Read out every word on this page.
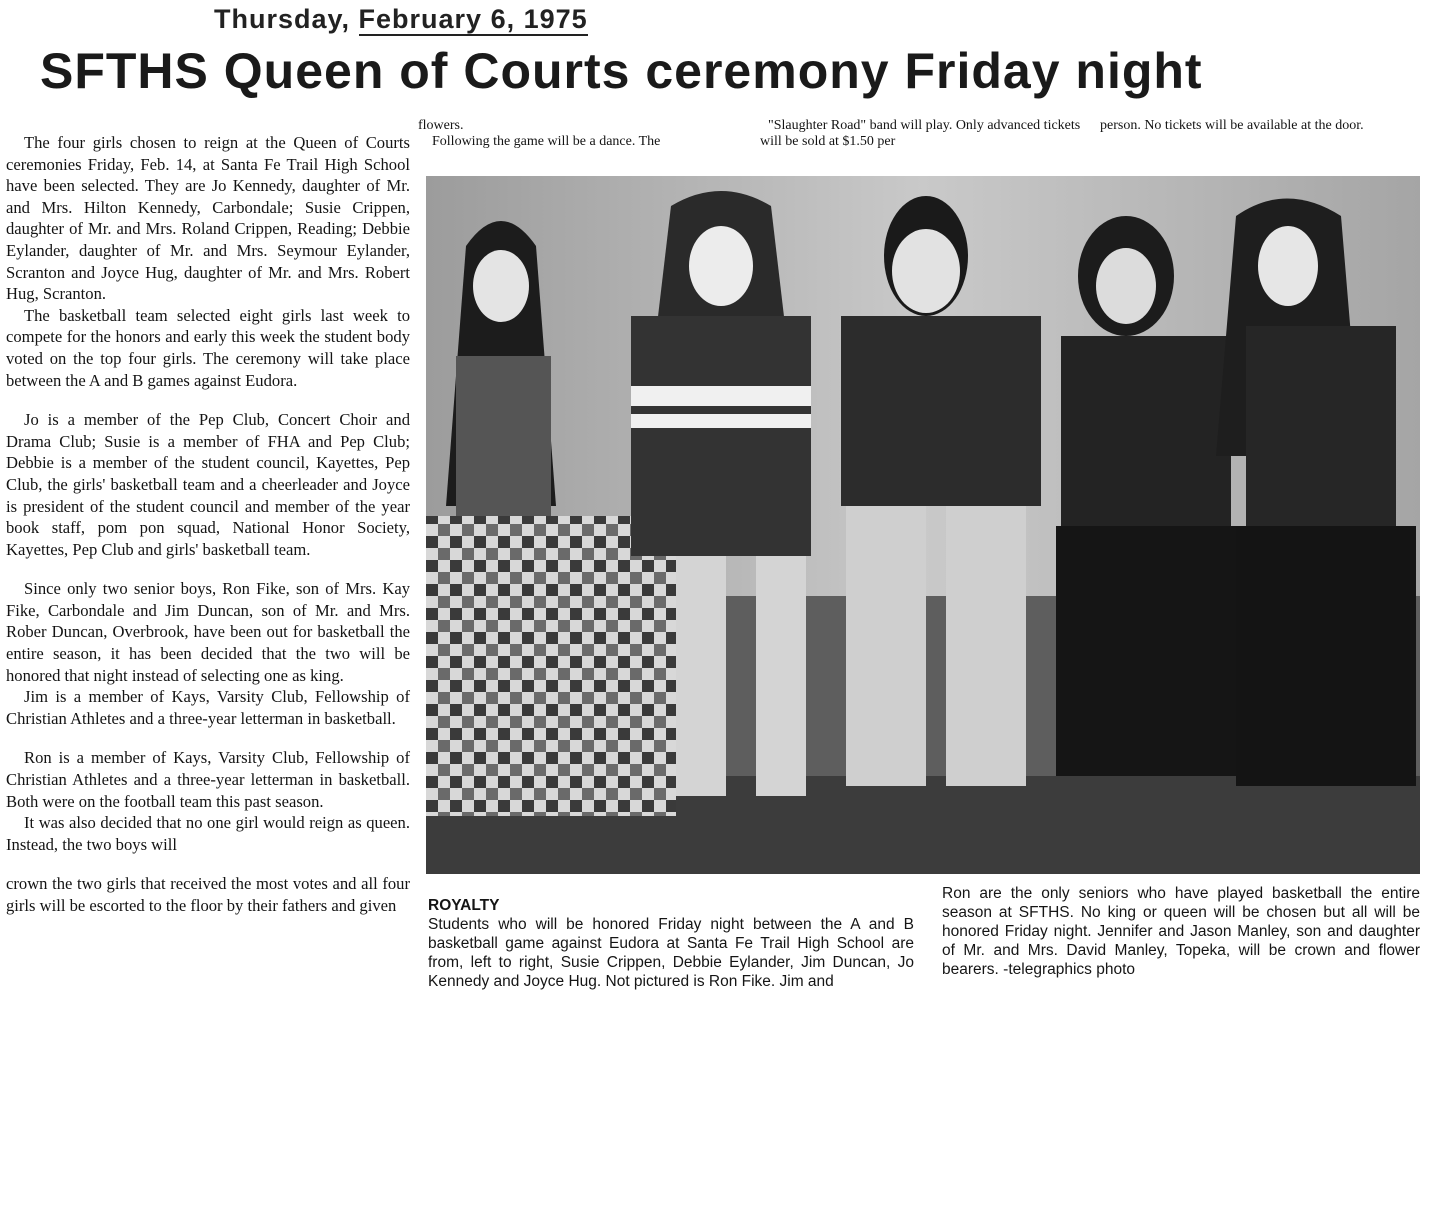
Thursday, February 6, 1975
SFTHS Queen of Courts ceremony Friday night

The four girls chosen to reign at the Queen of Courts ceremonies Friday, Feb. 14, at Santa Fe Trail High School have been selected. They are Jo Kennedy, daughter of Mr. and Mrs. Hilton Kennedy, Carbondale; Susie Crippen, daughter of Mr. and Mrs. Roland Crippen, Reading; Debbie Eylander, daughter of Mr. and Mrs. Seymour Eylander, Scranton and Joyce Hug, daughter of Mr. and Mrs. Robert Hug, Scranton.

The basketball team selected eight girls last week to compete for the honors and early this week the student body voted on the top four girls. The ceremony will take place between the A and B games against Eudora.

Jo is a member of the Pep Club, Concert Choir and Drama Club; Susie is a member of FHA and Pep Club; Debbie is a member of the student council, Kayettes, Pep Club, the girls' basketball team and a cheerleader and Joyce is president of the student council and member of the year book staff, pom pon squad, National Honor Society, Kayettes, Pep Club and girls' basketball team.

Since only two senior boys, Ron Fike, son of Mrs. Kay Fike, Carbondale and Jim Duncan, son of Mr. and Mrs. Rober Duncan, Overbrook, have been out for basketball the entire season, it has been decided that the two will be honored that night instead of selecting one as king.

Jim is a member of Kays, Varsity Club, Fellowship of Christian Athletes and a three-year letterman in basketball.

Ron is a member of Kays, Varsity Club, Fellowship of Christian Athletes and a three-year letterman in basketball. Both were on the football team this past season.

It was also decided that no one girl would reign as queen. Instead, the two boys will

crown the two girls that received the most votes and all four girls will be escorted to the floor by their fathers and given

flowers.
Following the game will be a dance. The
"Slaughter Road" band will play. Only advanced tickets will be sold at $1.50 per
person. No tickets will be available at the door.
ROYALTY
Students who will be honored Friday night between the A and B basketball game against Eudora at Santa Fe Trail High School are from, left to right, Susie Crippen, Debbie Eylander, Jim Duncan, Jo Kennedy and Joyce Hug. Not pictured is Ron Fike. Jim and
Ron are the only seniors who have played basketball the entire season at SFTHS. No king or queen will be chosen but all will be honored Friday night. Jennifer and Jason Manley, son and daughter of Mr. and Mrs. David Manley, Topeka, will be crown and flower bearers. -telegraphics photo
